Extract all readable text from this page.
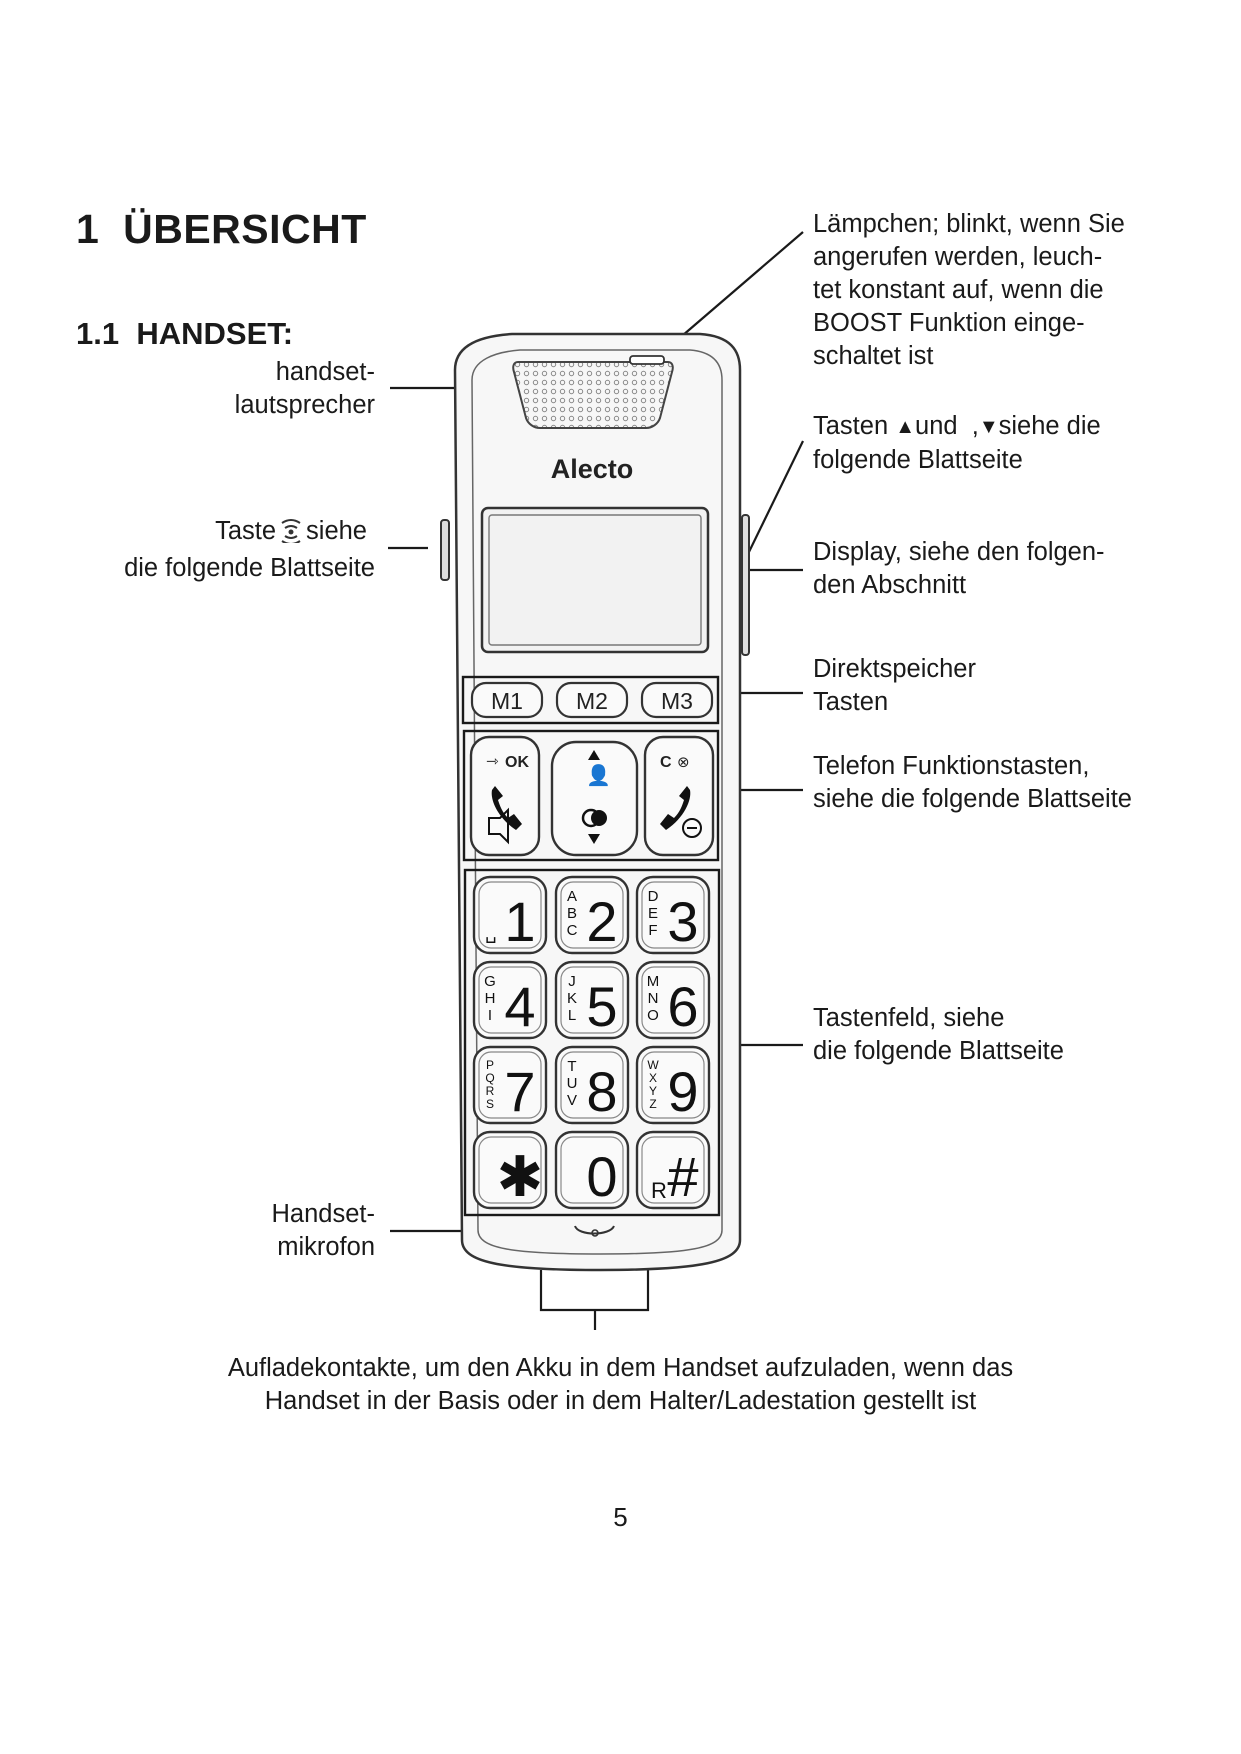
1 ÜBERSICHT
1.1 HANDSET:
M1 M2 M3
⇾ OK
👤
C ⊗
1
␣ 2
A
B
C 3
D
E
F
4
G
H
I 5
J
K
L 6
M
N
O
7
P
Q
R
S 8
T
U
V 9
W
X
Y
Z
✱ 0 #
R
Alecto
handset-
lautsprecher
Taste siehe
die folgende Blattseite
Handset-
mikrofon
Lämpchen; blinkt, wenn Sie
angerufen werden, leuch-
tet konstant auf, wenn die
BOOST Funktion einge-
schaltet ist
Tasten ▲und ,▼siehe die
folgende Blattseite
Display, siehe den folgen-
den Abschnitt
Direktspeicher
Tasten
Telefon Funktionstasten,
siehe die folgende Blattseite
Tastenfeld, siehe
die folgende Blattseite
Aufladekontakte, um den Akku in dem Handset aufzuladen, wenn das
Handset in der Basis oder in dem Halter/Ladestation gestellt ist
5
